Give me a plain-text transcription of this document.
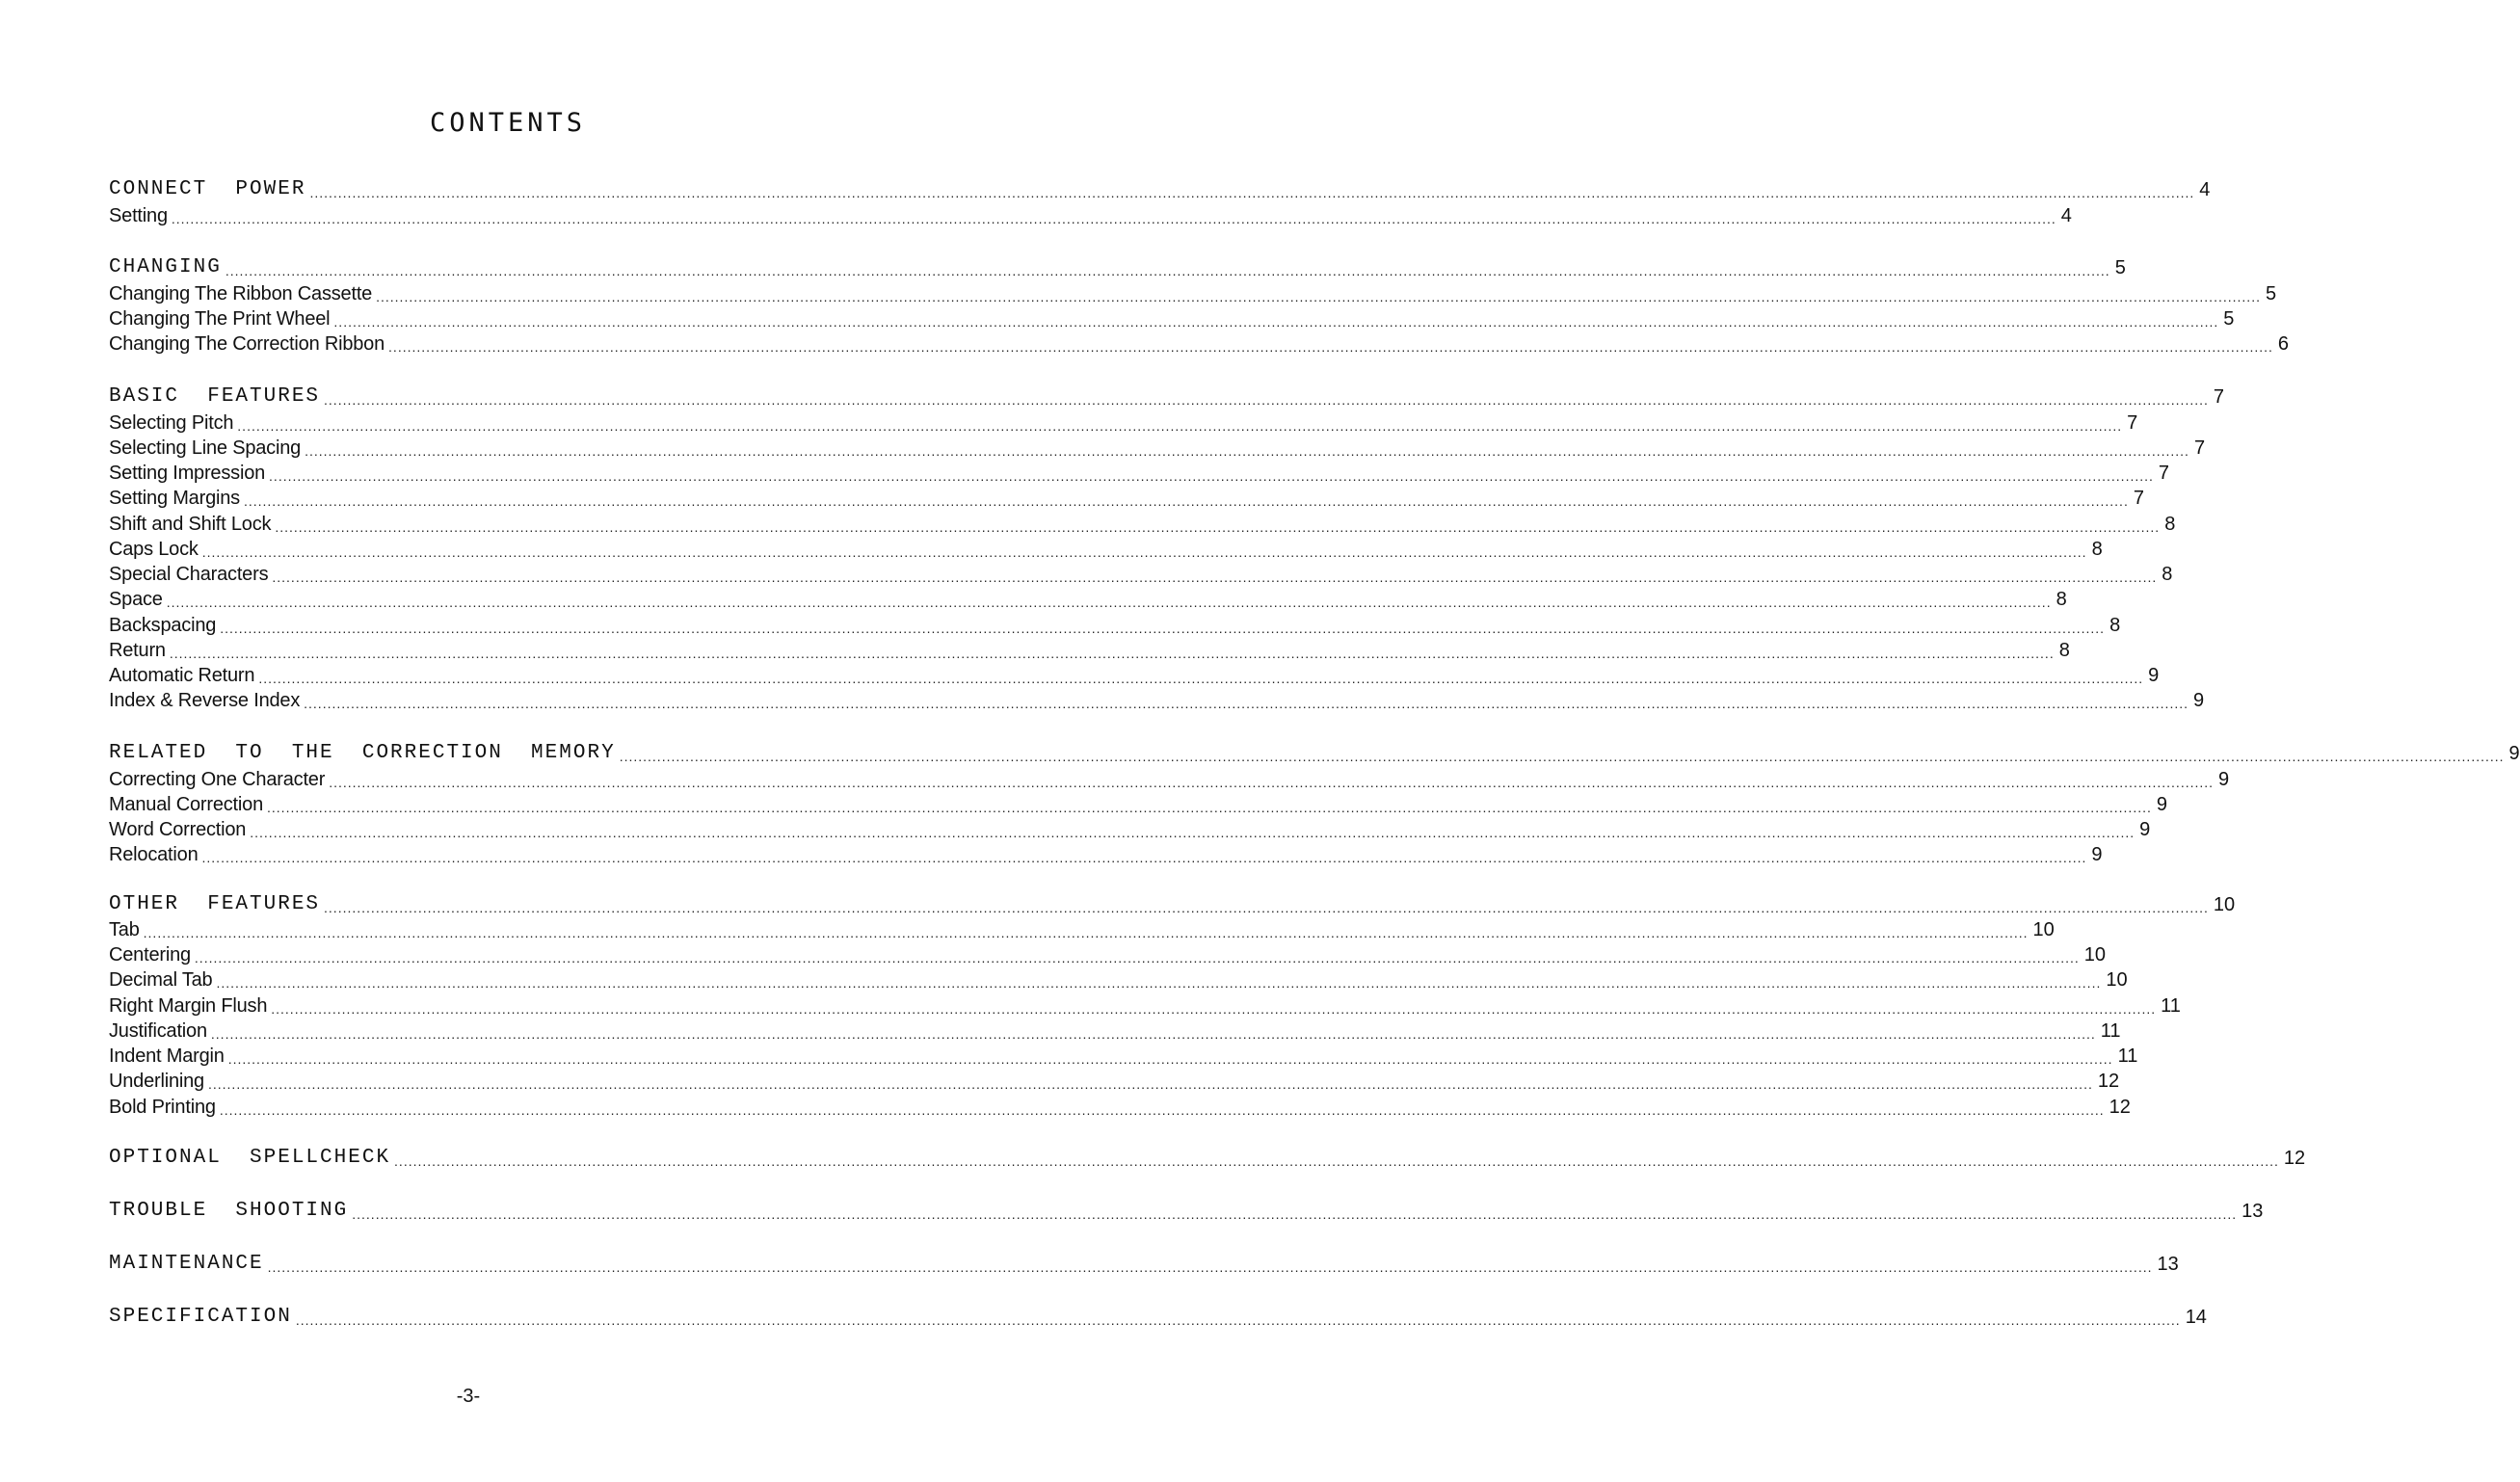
CONTENTS
CONNECT  POWER ................................................................................................................................................................................................................................................................................................................................................................................................................ 4
Setting ................................................................................................................................................................................................................................................................................................................................................................................................................ 4
CHANGING ................................................................................................................................................................................................................................................................................................................................................................................................................ 5
Changing The Ribbon Cassette ................................................................................................................................................................................................................................................................................................................................................................................................................ 5
Changing The Print Wheel ................................................................................................................................................................................................................................................................................................................................................................................................................ 5
Changing The Correction Ribbon ................................................................................................................................................................................................................................................................................................................................................................................................................ 6
BASIC  FEATURES ................................................................................................................................................................................................................................................................................................................................................................................................................ 7
Selecting Pitch ................................................................................................................................................................................................................................................................................................................................................................................................................ 7
Selecting Line Spacing ................................................................................................................................................................................................................................................................................................................................................................................................................ 7
Setting Impression ................................................................................................................................................................................................................................................................................................................................................................................................................ 7
Setting Margins ................................................................................................................................................................................................................................................................................................................................................................................................................ 7
Shift and Shift Lock ................................................................................................................................................................................................................................................................................................................................................................................................................ 8
Caps Lock ................................................................................................................................................................................................................................................................................................................................................................................................................ 8
Special Characters ................................................................................................................................................................................................................................................................................................................................................................................................................ 8
Space ................................................................................................................................................................................................................................................................................................................................................................................................................ 8
Backspacing ................................................................................................................................................................................................................................................................................................................................................................................................................ 8
Return ................................................................................................................................................................................................................................................................................................................................................................................................................ 8
Automatic Return ................................................................................................................................................................................................................................................................................................................................................................................................................ 9
Index & Reverse Index ................................................................................................................................................................................................................................................................................................................................................................................................................ 9
RELATED  TO  THE  CORRECTION  MEMORY ................................................................................................................................................................................................................................................................................................................................................................................................................ 9
Correcting One Character ................................................................................................................................................................................................................................................................................................................................................................................................................ 9
Manual Correction ................................................................................................................................................................................................................................................................................................................................................................................................................ 9
Word Correction ................................................................................................................................................................................................................................................................................................................................................................................................................ 9
Relocation ................................................................................................................................................................................................................................................................................................................................................................................................................ 9
OTHER  FEATURES ................................................................................................................................................................................................................................................................................................................................................................................................................ 10
Tab ................................................................................................................................................................................................................................................................................................................................................................................................................ 10
Centering ................................................................................................................................................................................................................................................................................................................................................................................................................ 10
Decimal Tab ................................................................................................................................................................................................................................................................................................................................................................................................................ 10
Right Margin Flush ................................................................................................................................................................................................................................................................................................................................................................................................................ 11
Justification ................................................................................................................................................................................................................................................................................................................................................................................................................ 11
Indent Margin ................................................................................................................................................................................................................................................................................................................................................................................................................ 11
Underlining ................................................................................................................................................................................................................................................................................................................................................................................................................ 12
Bold Printing ................................................................................................................................................................................................................................................................................................................................................................................................................ 12
OPTIONAL  SPELLCHECK ................................................................................................................................................................................................................................................................................................................................................................................................................ 12
TROUBLE  SHOOTING ................................................................................................................................................................................................................................................................................................................................................................................................................ 13
MAINTENANCE ................................................................................................................................................................................................................................................................................................................................................................................................................ 13
SPECIFICATION ................................................................................................................................................................................................................................................................................................................................................................................................................ 14
-3-
